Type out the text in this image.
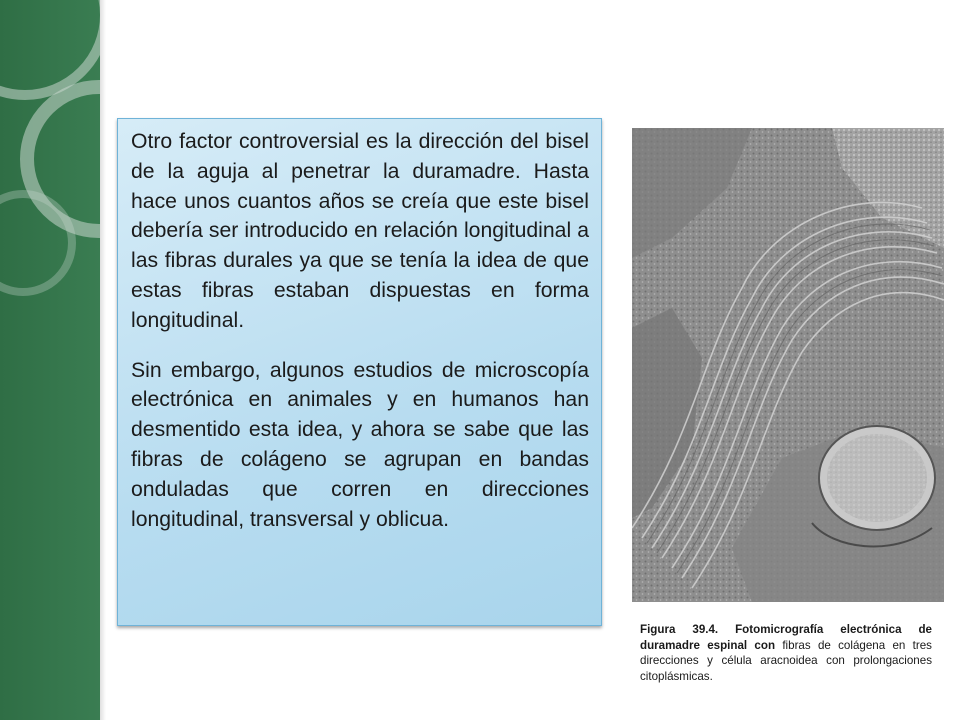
Otro factor controversial es la dirección del bisel de la aguja al penetrar la duramadre. Hasta hace unos cuantos años se creía que este bisel debería ser introducido en relación longitudinal a las fibras durales ya que se tenía la idea de que estas fibras estaban dispuestas en forma longitudinal.

Sin embargo, algunos estudios de microscopía electrónica en animales y en humanos han desmentido esta idea, y ahora se sabe que las fibras de colágeno se agrupan en bandas onduladas que corren en direcciones longitudinal, transversal y oblicua.

Figura 39.4. Fotomicrografía electrónica de duramadre espinal con fibras de colágena en tres direcciones y célula aracnoidea con prolongaciones citoplásmicas.
